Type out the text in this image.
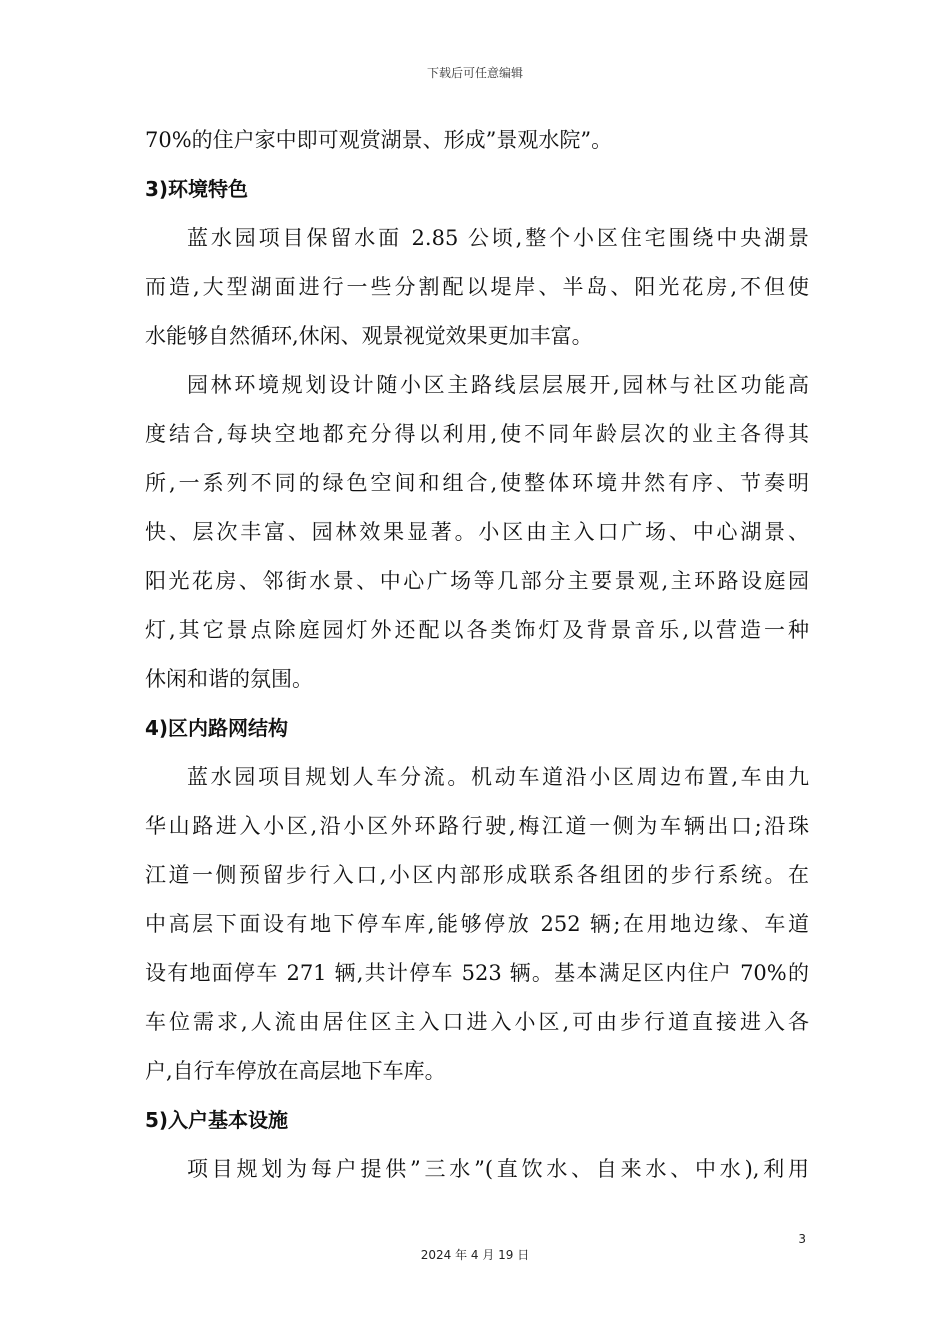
下载后可任意编辑
70%的住户家中即可观赏湖景、形成”景观水院”。
3)环境特色
蓝水园项目保留水面 2.85 公顷,整个小区住宅围绕中央湖景
而造,大型湖面进行一些分割配以堤岸、半岛、阳光花房,不但使
水能够自然循环,休闲、观景视觉效果更加丰富。
园林环境规划设计随小区主路线层层展开,园林与社区功能高
度结合,每块空地都充分得以利用,使不同年龄层次的业主各得其
所,一系列不同的绿色空间和组合,使整体环境井然有序、节奏明
快、层次丰富、园林效果显著。小区由主入口广场、中心湖景、
阳光花房、邻街水景、中心广场等几部分主要景观,主环路设庭园
灯,其它景点除庭园灯外还配以各类饰灯及背景音乐,以营造一种
休闲和谐的氛围。
4)区内路网结构
蓝水园项目规划人车分流。机动车道沿小区周边布置,车由九
华山路进入小区,沿小区外环路行驶,梅江道一侧为车辆出口;沿珠
江道一侧预留步行入口,小区内部形成联系各组团的步行系统。在
中高层下面设有地下停车库,能够停放 252 辆;在用地边缘、车道
设有地面停车 271 辆,共计停车 523 辆。基本满足区内住户 70%的
车位需求,人流由居住区主入口进入小区,可由步行道直接进入各
户,自行车停放在高层地下车库。
5)入户基本设施
项目规划为每户提供”三水”(直饮水、自来水、中水),利用
3
2024 年 4 月 19 日
